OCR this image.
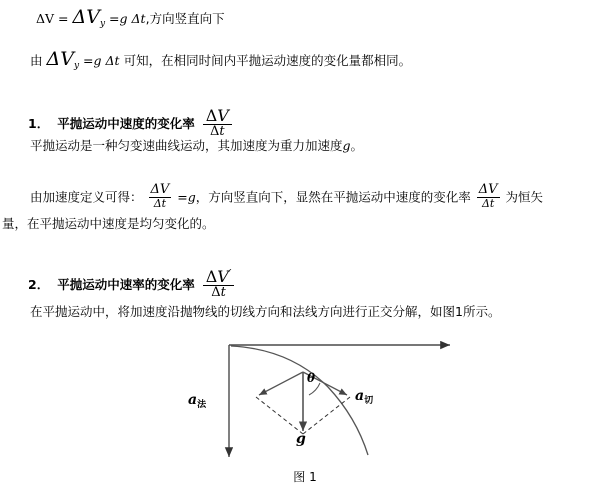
$\Delta V = \Delta V_y =g$ Δt,方向竖直向下
由 $\Delta V_y =g$ Δt 可知，在相同时间内平抛运动速度的变化量都相同。
1． 平抛运动中速度的变化率 $\frac{\Delta V}{\Delta t}$
平抛运动是一种匀变速曲线运动，其加速度为重力加速度g。
由加速度定义可得： $\frac{\Delta V}{\Delta t} =g$，方向竖直向下，显然在平抛运动中速度的变化率 $\frac{\Delta V}{\Delta t}$ 为恒矢
量，在平抛运动中速度是均匀变化的。
2． 平抛运动中速率的变化率 $\frac{\Delta V'}{\Delta t}$
在平抛运动中，将加速度沿抛物线的切线方向和法线方向进行正交分解，如图1所示。
$a_法$
$a_切$
g
θ
图 1
